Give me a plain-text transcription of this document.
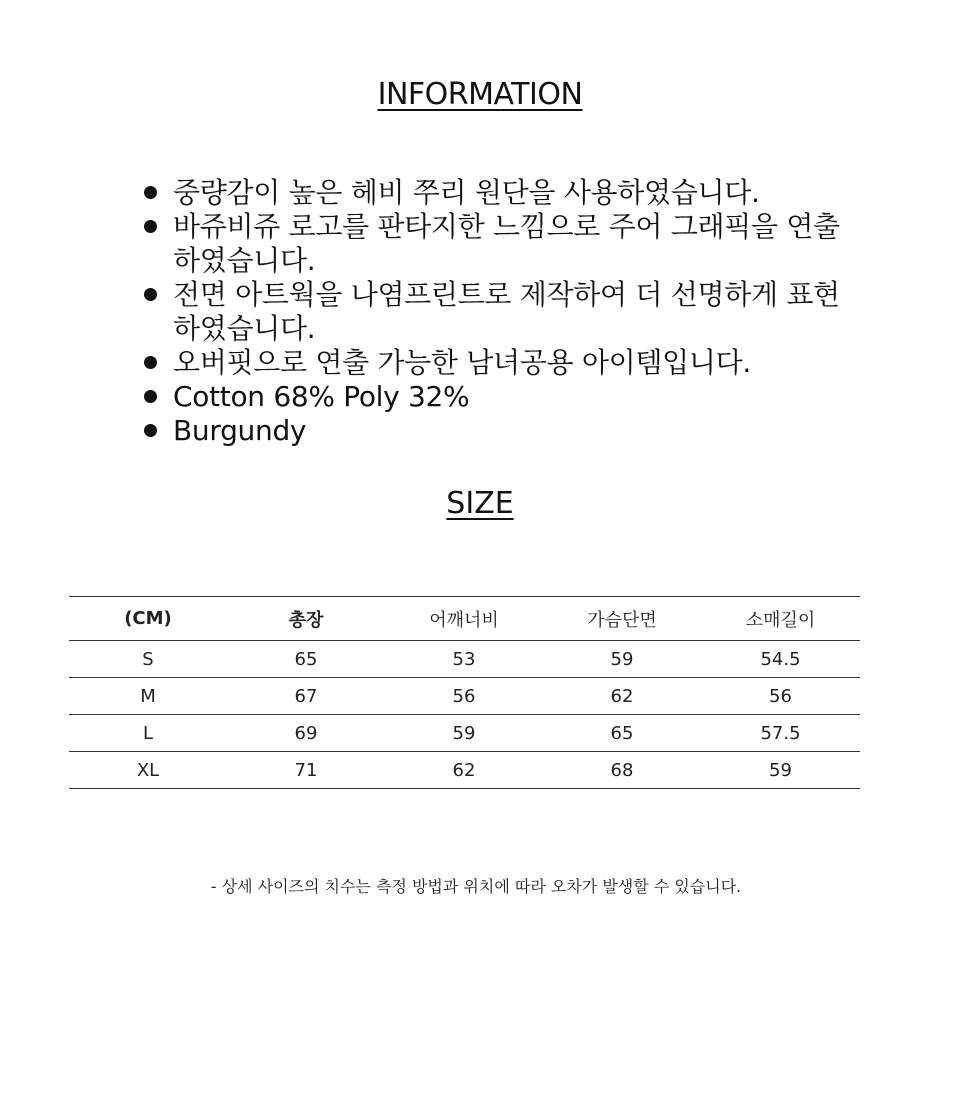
INFORMATION
중량감이 높은 헤비 쭈리 원단을 사용하였습니다.
바쥬비쥬 로고를 판타지한 느낌으로 주어 그래픽을 연출 하였습니다.
전면 아트웍을 나염프린트로 제작하여 더 선명하게 표현 하였습니다.
오버핏으로 연출 가능한 남녀공용 아이템입니다.
Cotton 68% Poly 32%
Burgundy
SIZE
(CM)	총장	어깨너비	가슴단면	소매길이
S	65	53	59	54.5
M	67	56	62	56
L	69	59	65	57.5
XL	71	62	68	59
- 상세 사이즈의 치수는 측정 방법과 위치에 따라 오차가 발생할 수 있습니다.
